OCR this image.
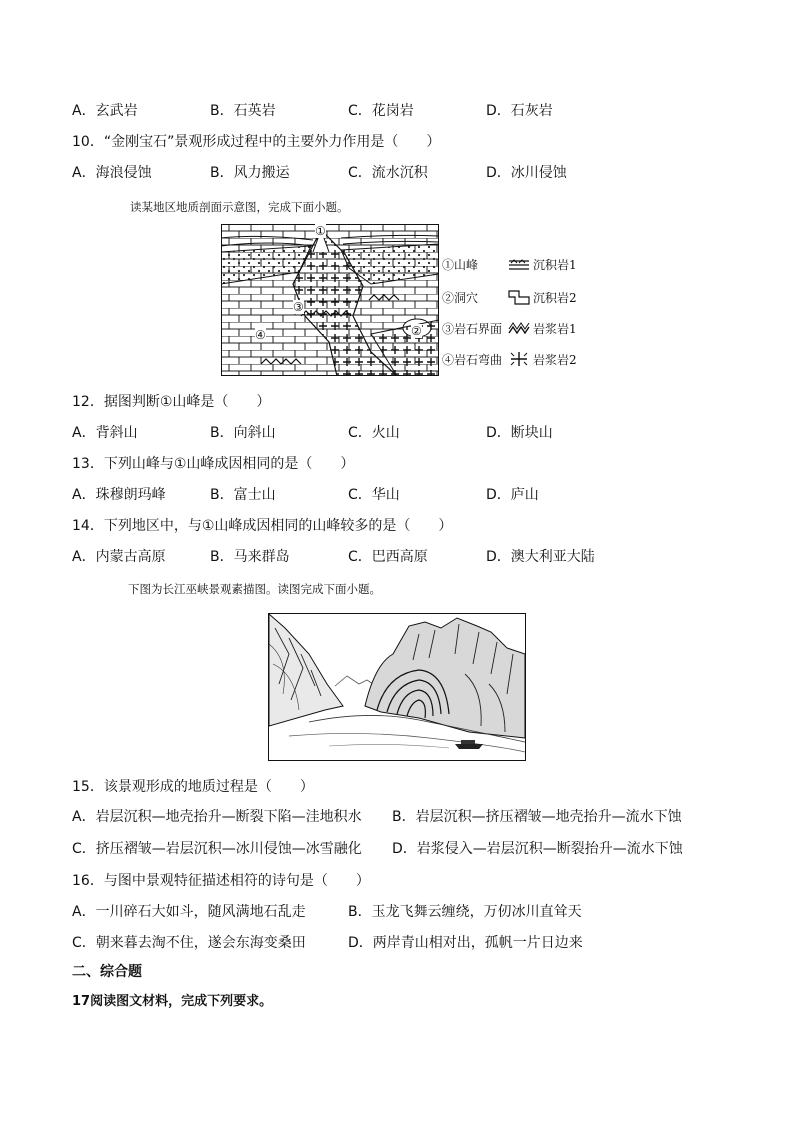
A．玄武岩	B．石英岩	C．花岗岩	D．石灰岩
10．“金刚宝石”景观形成过程中的主要外力作用是（　　）
A．海浪侵蚀	B．风力搬运	C．流水沉积	D．冰川侵蚀
读某地区地质剖面示意图，完成下面小题。
①
②
③
④
①山峰
②洞穴
③岩石界面
④岩石弯曲
沉积岩1
沉积岩2
岩浆岩1
岩浆岩2
12．据图判断①山峰是（　　）
A．背斜山	B．向斜山	C．火山	D．断块山
13．下列山峰与①山峰成因相同的是（　　）
A．珠穆朗玛峰	B．富士山	C．华山	D．庐山
14．下列地区中，与①山峰成因相同的山峰较多的是（　　）
A．内蒙古高原	B．马来群岛	C．巴西高原	D．澳大利亚大陆
下图为长江巫峡景观素描图。读图完成下面小题。
15．该景观形成的地质过程是（　　）
A．岩层沉积—地壳抬升—断裂下陷—洼地积水 B．岩层沉积—挤压褶皱—地壳抬升—流水下蚀
C．挤压褶皱—岩层沉积—冰川侵蚀—冰雪融化 D．岩浆侵入—岩层沉积—断裂抬升—流水下蚀
16．与图中景观特征描述相符的诗句是（　　）
A．一川碎石大如斗，随风满地石乱走	B．玉龙飞舞云缠绕，万仞冰川直耸天
C．朝来暮去淘不住，遂会东海变桑田	D．两岸青山相对出，孤帆一片日边来
二、综合题
17阅读图文材料，完成下列要求。
